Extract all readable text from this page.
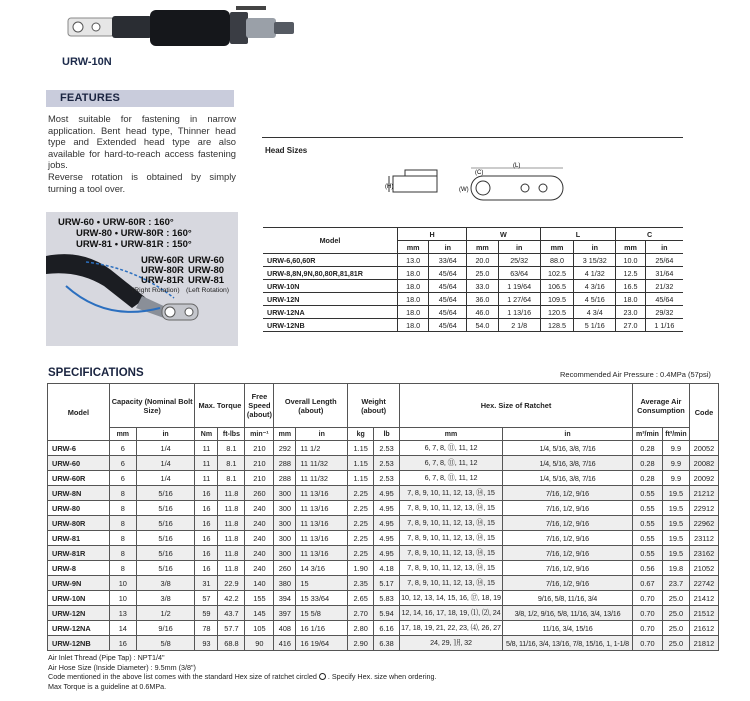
URW-10N
FEATURES

Most suitable for fastening in narrow application. Bent head type, Thinner head type and Extended head type are also available for hard-to-reach access fastening jobs.

Reverse rotation is obtained by simply turning a tool over.

URW-60 • URW-60R : 160°
URW-80 • URW-80R : 160°
URW-81 • URW-81R : 150°
URW-60R
URW-80R
URW-81R
URW-60
URW-80
URW-81
(Right Rotation) (Left Rotation)
Head Sizes
(H)
(L)
(C)
(W)
Model	H		W		L		C	
	mm	in	mm	in	mm	in	mm	in
URW-6,60,60R	13.0	33/64	20.0	25/32	88.0	3 15/32	10.0	25/64
URW-8,8N,9N,80,80R,81,81R	18.0	45/64	25.0	63/64	102.5	4 1/32	12.5	31/64
URW-10N	18.0	45/64	33.0	1 19/64	106.5	4 3/16	16.5	21/32
URW-12N	18.0	45/64	36.0	1 27/64	109.5	4 5/16	18.0	45/64
URW-12NA	18.0	45/64	46.0	1 13/16	120.5	4 3/4	23.0	29/32
URW-12NB	18.0	45/64	54.0	2 1/8	128.5	5 1/16	27.0	1 1/16
SPECIFICATIONS	Recommended Air Pressure : 0.4MPa (57psi)
Model	Capacity (Nominal Bolt Size)		Max. Torque		Free Speed (about)	Overall Length (about)		Weight (about)		Hex. Size of Ratchet		Average Air Consumption		Code
	mm	in	Nm	ft-lbs	min⁻¹	mm	in	kg	lb	mm	in	m³/min	ft³/min	
URW-6	6	1/4	11	8.1	210	292	11 1/2	1.15	2.53	6, 7, 8, ⑪, 11, 12	1/4, 5/16, 3/8, 7/16	0.28	9.9	20052
URW-60	6	1/4	11	8.1	210	288	11 11/32	1.15	2.53	6, 7, 8, ⑪, 11, 12	1/4, 5/16, 3/8, 7/16	0.28	9.9	20082
URW-60R	6	1/4	11	8.1	210	288	11 11/32	1.15	2.53	6, 7, 8, ⑪, 11, 12	1/4, 5/16, 3/8, 7/16	0.28	9.9	20092
URW-8N	8	5/16	16	11.8	260	300	11 13/16	2.25	4.95	7, 8, 9, 10, 11, 12, 13, ⑭, 15	7/16, 1/2, 9/16	0.55	19.5	21212
URW-80	8	5/16	16	11.8	240	300	11 13/16	2.25	4.95	7, 8, 9, 10, 11, 12, 13, ⑭, 15	7/16, 1/2, 9/16	0.55	19.5	22912
URW-80R	8	5/16	16	11.8	240	300	11 13/16	2.25	4.95	7, 8, 9, 10, 11, 12, 13, ⑭, 15	7/16, 1/2, 9/16	0.55	19.5	22962
URW-81	8	5/16	16	11.8	240	300	11 13/16	2.25	4.95	7, 8, 9, 10, 11, 12, 13, ⑭, 15	7/16, 1/2, 9/16	0.55	19.5	23112
URW-81R	8	5/16	16	11.8	240	300	11 13/16	2.25	4.95	7, 8, 9, 10, 11, 12, 13, ⑭, 15	7/16, 1/2, 9/16	0.55	19.5	23162
URW-8	8	5/16	16	11.8	240	260	14 3/16	1.90	4.18	7, 8, 9, 10, 11, 12, 13, ⑭, 15	7/16, 1/2, 9/16	0.56	19.8	21052
URW-9N	10	3/8	31	22.9	140	380	15	2.35	5.17	7, 8, 9, 10, 11, 12, 13, ⑭, 15	7/16, 1/2, 9/16	0.67	23.7	22742
URW-10N	10	3/8	57	42.2	155	394	15 33/64	2.65	5.83	10, 12, 13, 14, 15, 16, ⑰, 18, 19	9/16, 5/8, 11/16, 3/4	0.70	25.0	21412
URW-12N	13	1/2	59	43.7	145	397	15 5/8	2.70	5.94	12, 14, 16, 17, 18, 19, ⑴, ⑵, 24	3/8, 1/2, 9/16, 5/8, 11/16, 3/4, 13/16	0.70	25.0	21512
URW-12NA	14	9/16	78	57.7	105	408	16 1/16	2.80	6.16	17, 18, 19, 21, 22, 23, ⑷, 26, 27	11/16, 3/4, 15/16	0.70	25.0	21612
URW-12NB	16	5/8	93	68.8	90	416	16 19/64	2.90	6.38	24, 29, ㋀, 32	5/8, 11/16, 3/4, 13/16, 7/8, 15/16, 1, 1-1/8	0.70	25.0	21812
Air Inlet Thread (Pipe Tap) : NPT1/4"
Air Hose Size (Inside Diameter) : 9.5mm (3/8")
Code mentioned in the above list comes with the standard Hex size of ratchet circled ○ . Specify Hex. size when ordering.
Max Torque is a guideline at 0.6MPa.
